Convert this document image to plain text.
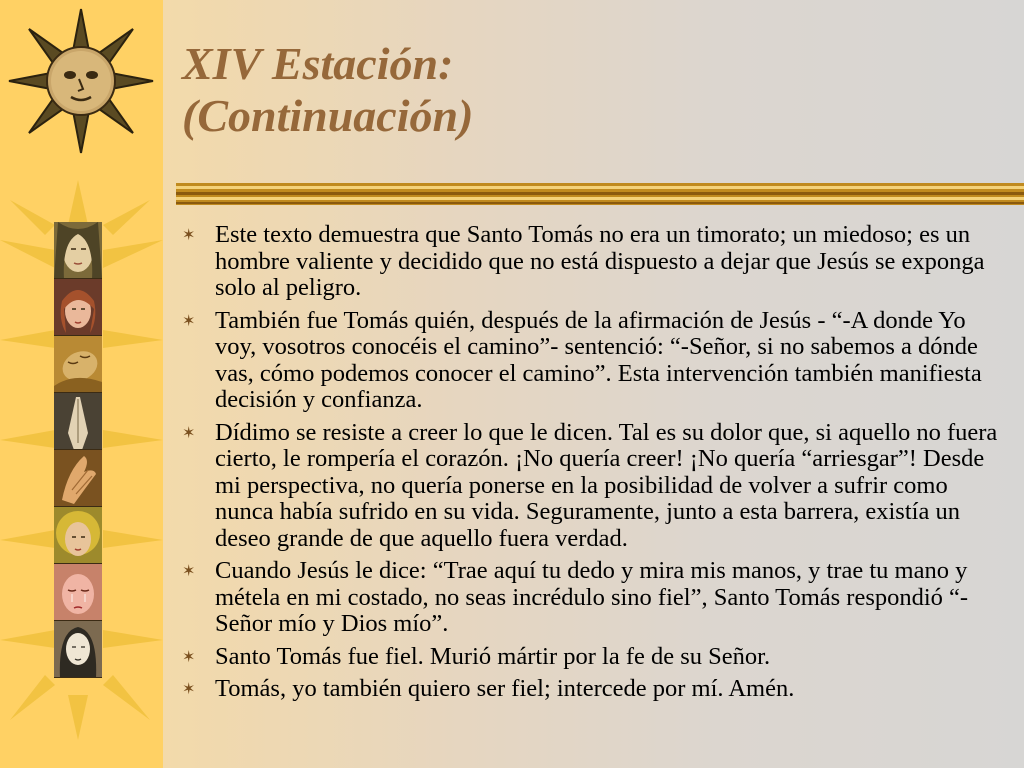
XIV Estación:
(Continuación)
✶ Este texto demuestra que Santo Tomás no era un timorato; un miedoso; es un hombre valiente y decidido que no está dispuesto a dejar que Jesús se exponga solo al peligro.
✶ También fue Tomás quién, después de la afirmación de Jesús - “-A donde Yo voy, vosotros conocéis el camino”- sentenció: “-Señor, si no sabemos a dónde vas, cómo podemos conocer el camino”. Esta intervención también manifiesta decisión y confianza.
✶ Dídimo se resiste a creer lo que le dicen. Tal es su dolor que, si aquello no fuera cierto, le rompería el corazón. ¡No quería creer! ¡No quería “arriesgar”! Desde mi perspectiva, no quería ponerse en la posibilidad de volver a sufrir como nunca había sufrido en su vida. Seguramente, junto a esta barrera, existía un deseo grande de que aquello fuera verdad.
✶ Cuando Jesús le dice: “Trae aquí tu dedo y mira mis manos, y trae tu mano y métela en mi costado, no seas incrédulo sino fiel”, Santo Tomás respondió “-Señor mío y Dios mío”.
✶ Santo Tomás fue fiel. Murió mártir por la fe de su Señor.
✶ Tomás, yo también quiero ser fiel; intercede por mí. Amén.
